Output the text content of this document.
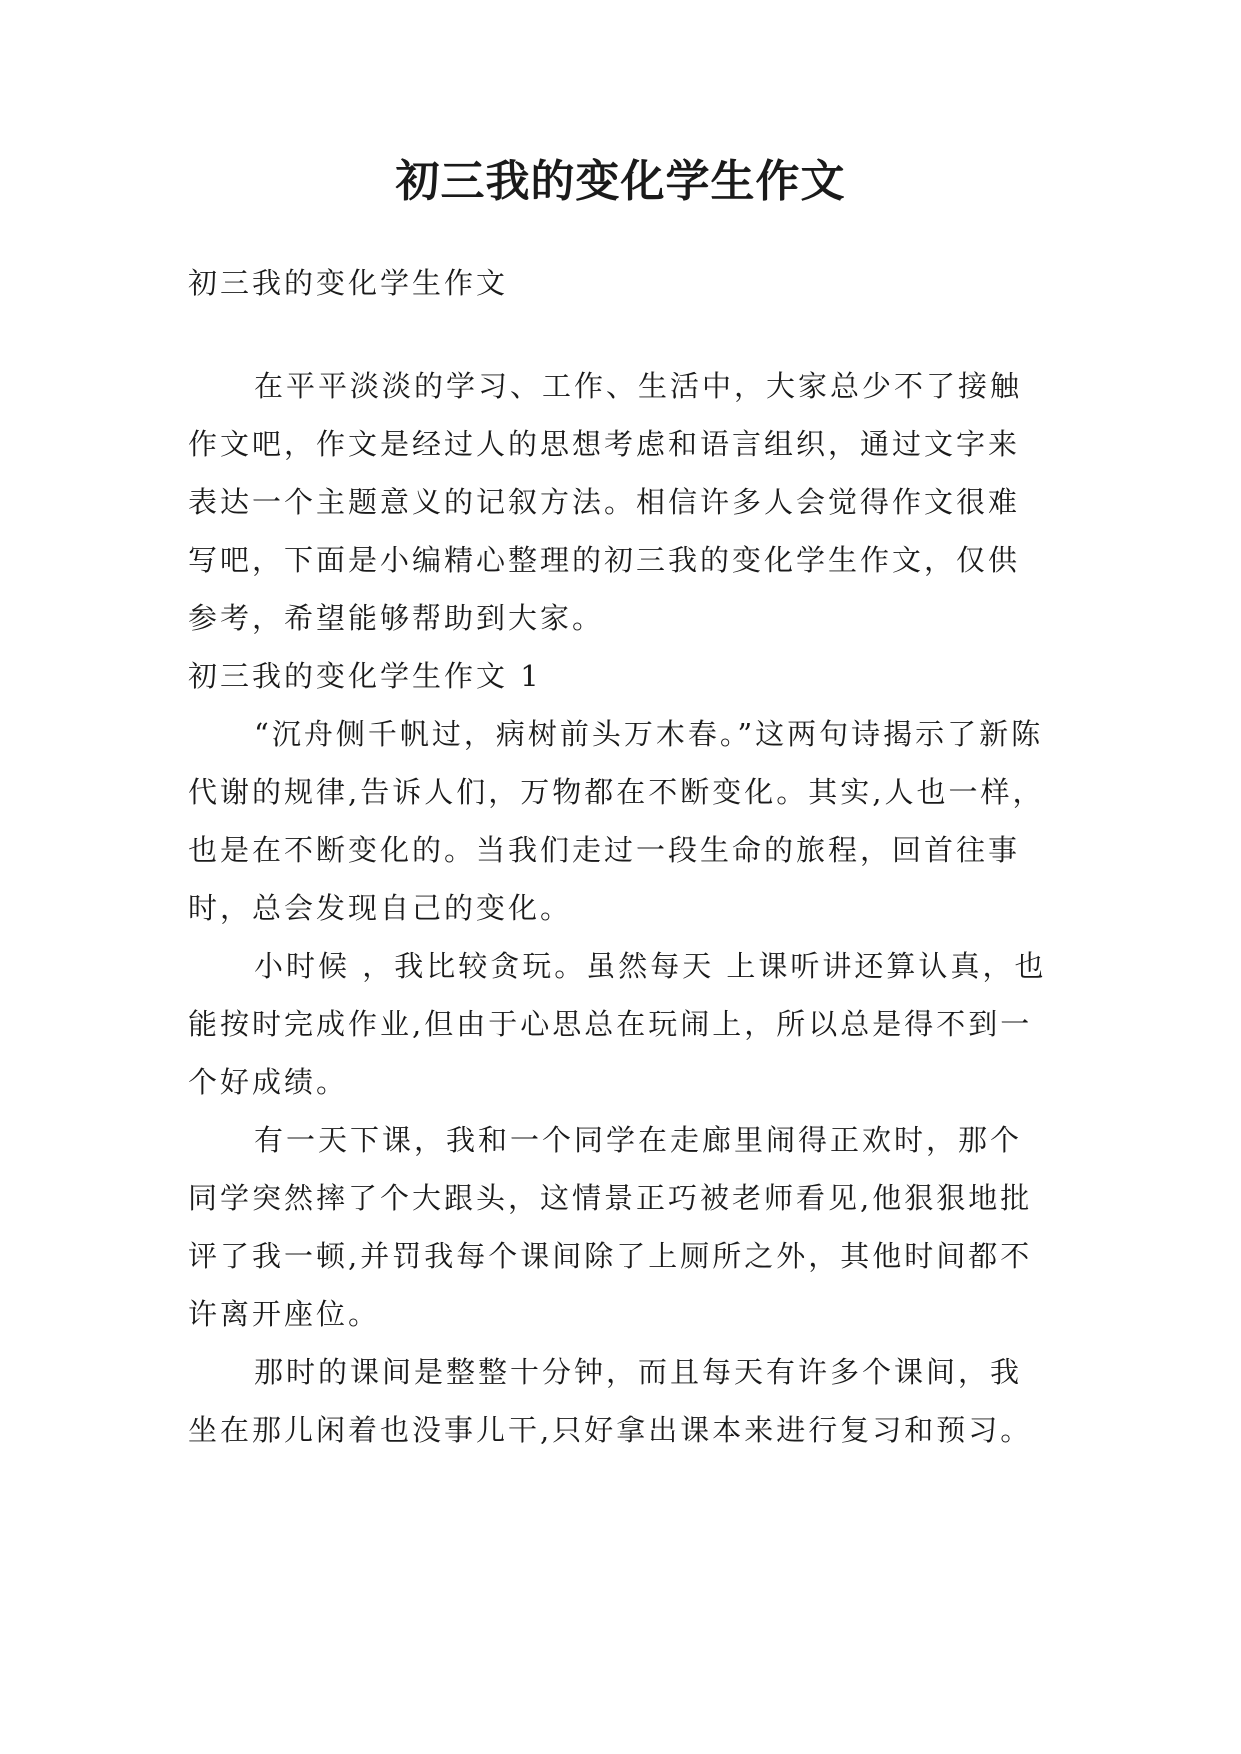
初三我的变化学生作文

初三我的变化学生作文

在平平淡淡的学习、工作、生活中，大家总少不了接触作文吧，作文是经过人的思想考虑和语言组织，通过文字来表达一个主题意义的记叙方法。相信许多人会觉得作文很难写吧，下面是小编精心整理的初三我的变化学生作文，仅供参考，希望能够帮助到大家。

初三我的变化学生作文 1

“沉舟侧千帆过，病树前头万木春。”这两句诗揭示了新陈代谢的规律,告诉人们，万物都在不断变化。其实,人也一样，也是在不断变化的。当我们走过一段生命的旅程，回首往事时，总会发现自己的变化。

小时候 ，我比较贪玩。虽然每天 上课听讲还算认真，也能按时完成作业,但由于心思总在玩闹上，所以总是得不到一个好成绩。

有一天下课，我和一个同学在走廊里闹得正欢时，那个同学突然摔了个大跟头，这情景正巧被老师看见,他狠狠地批评了我一顿,并罚我每个课间除了上厕所之外，其他时间都不许离开座位。

那时的课间是整整十分钟，而且每天有许多个课间，我坐在那儿闲着也没事儿干,只好拿出课本来进行复习和预习。
